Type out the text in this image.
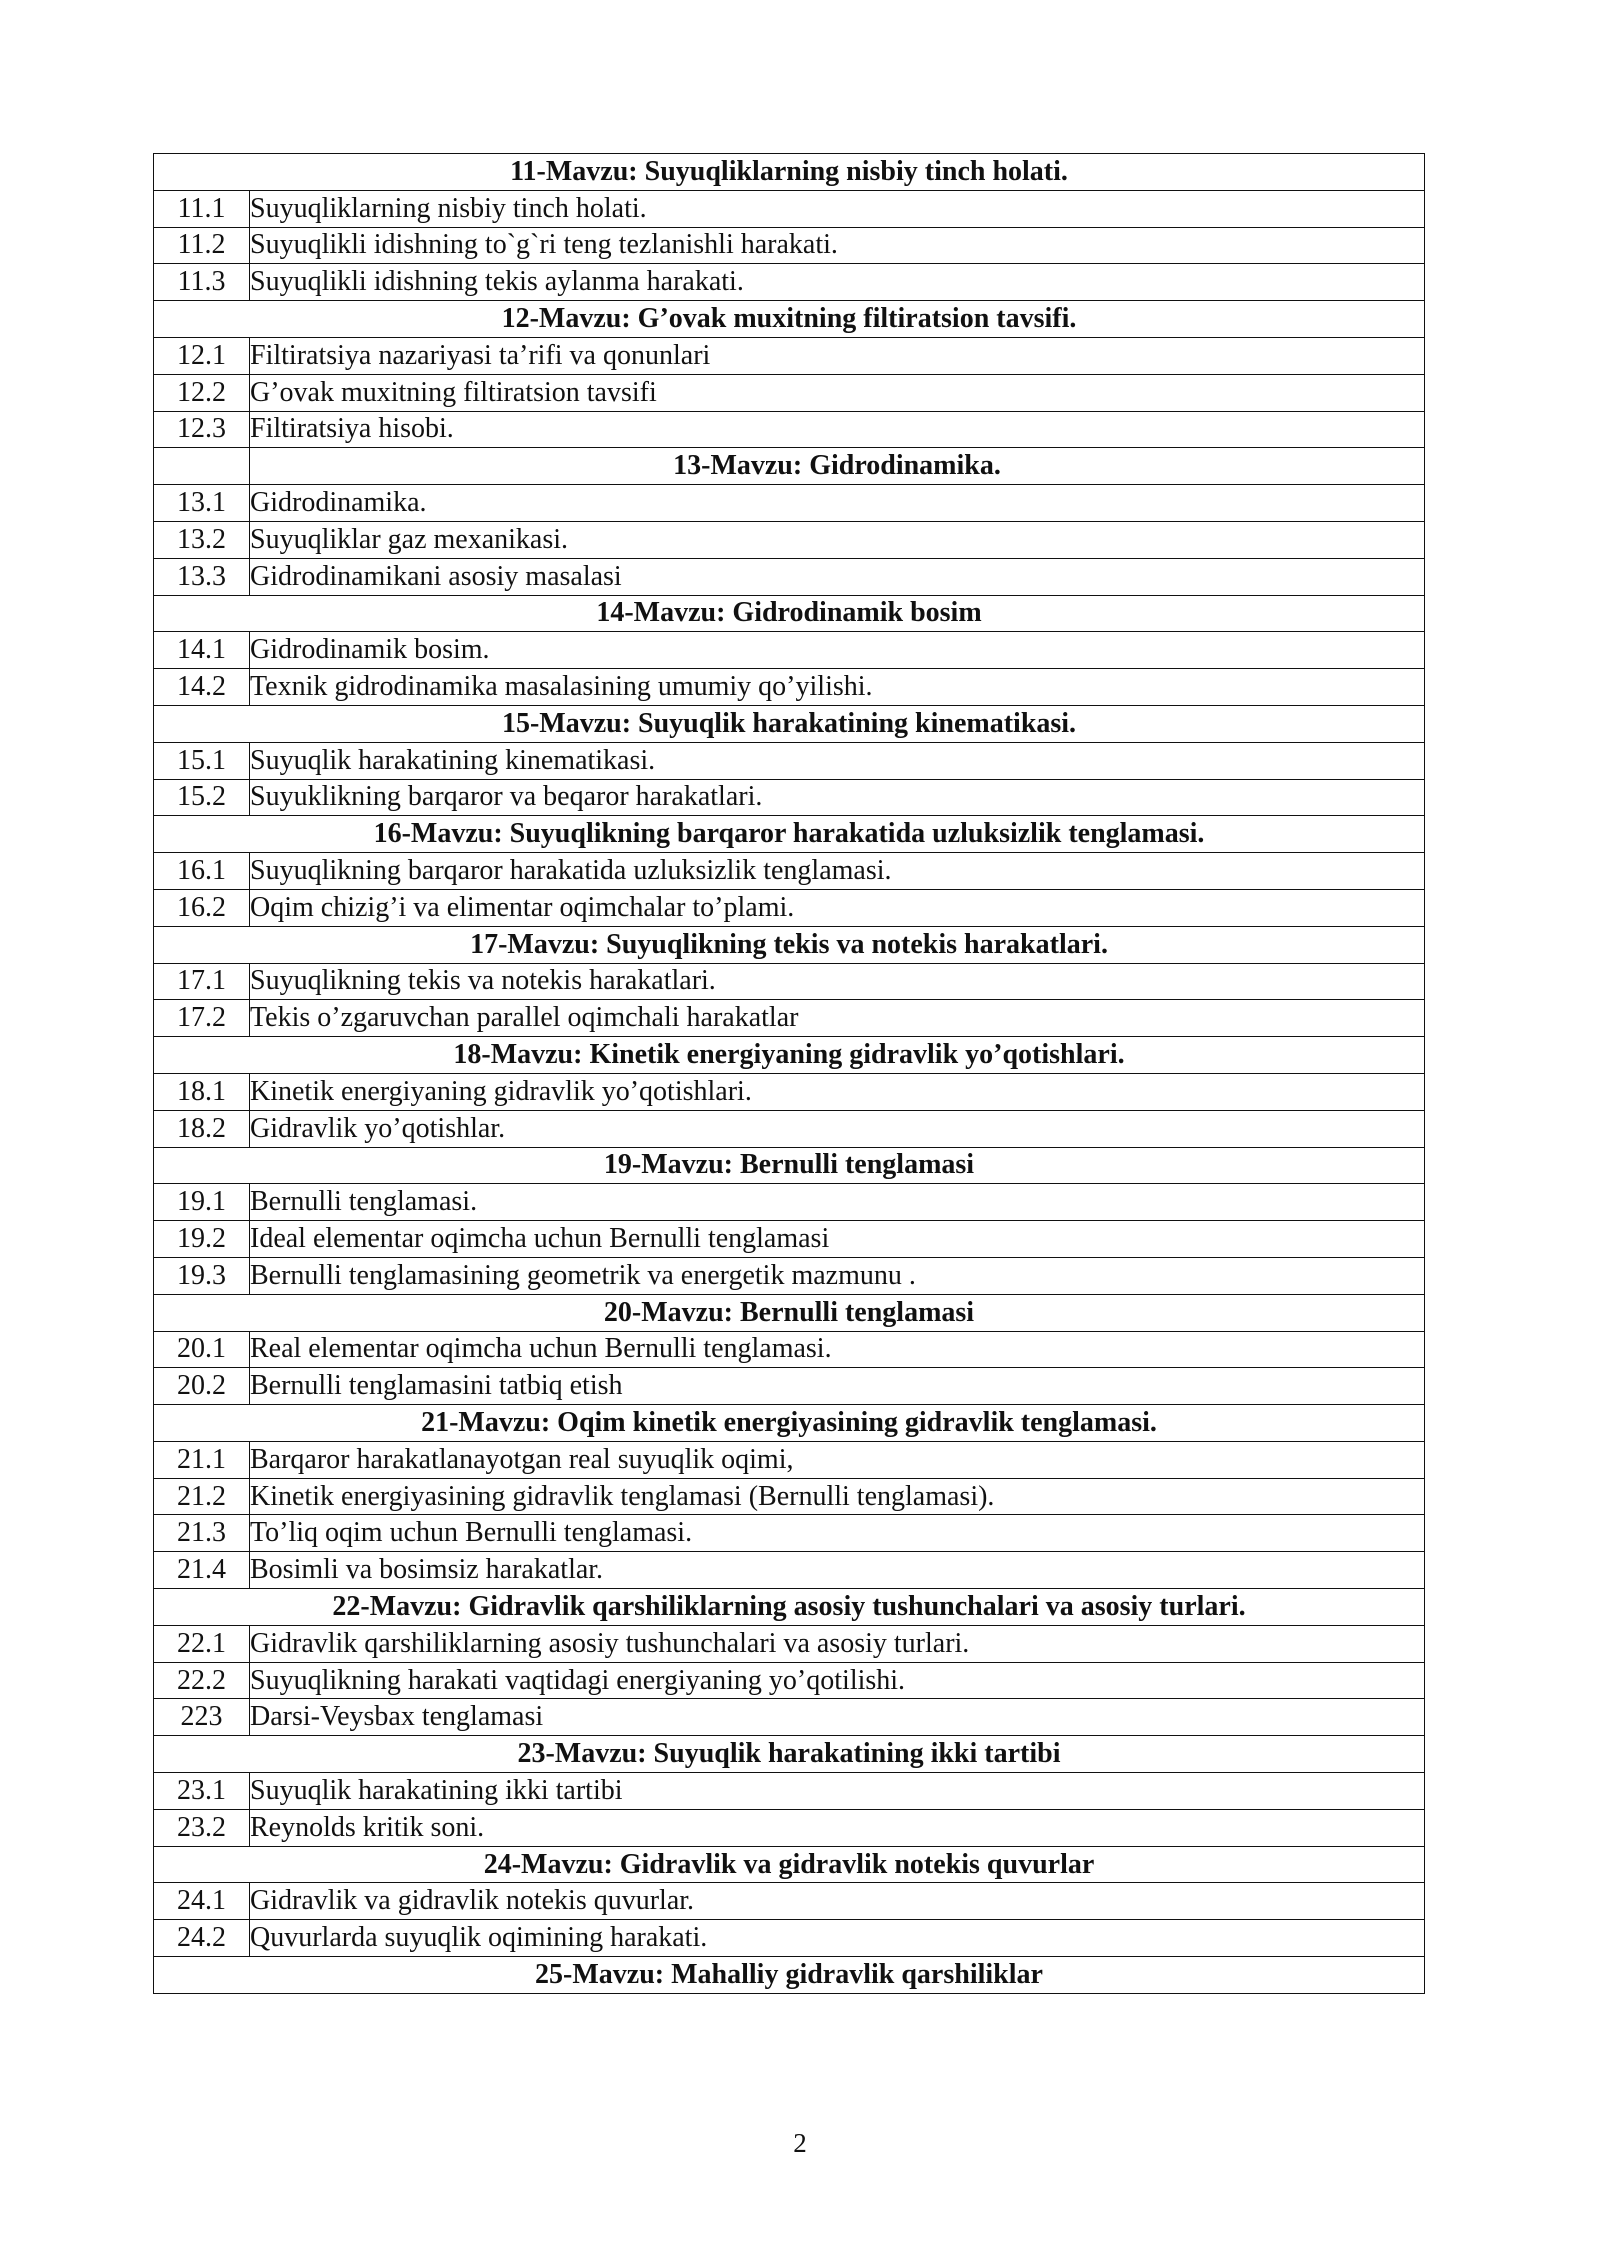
11-Mavzu: Suyuqliklarning nisbiy tinch holati.	
11.1	Suyuqliklarning nisbiy tinch holati.
11.2	Suyuqlikli idishning to`g`ri teng tezlanishli harakati.
11.3	Suyuqlikli idishning tekis aylanma harakati.
12-Mavzu: G’ovak muxitning filtiratsion tavsifi.	
12.1	Filtiratsiya nazariyasi ta’rifi va qonunlari
12.2	G’ovak muxitning filtiratsion tavsifi
12.3	Filtiratsiya hisobi.
	13-Mavzu: Gidrodinamika.
13.1	Gidrodinamika.
13.2	Suyuqliklar gaz mexanikasi.
13.3	Gidrodinamikani asosiy masalasi
14-Mavzu: Gidrodinamik bosim	
14.1	Gidrodinamik bosim.
14.2	Texnik gidrodinamika masalasining umumiy qo’yilishi.
15-Mavzu: Suyuqlik harakatining kinematikasi.	
15.1	Suyuqlik harakatining kinematikasi.
15.2	Suyuklikning barqaror va beqaror harakatlari.
16-Mavzu: Suyuqlikning barqaror harakatida uzluksizlik tenglamasi.	
16.1	Suyuqlikning barqaror harakatida uzluksizlik tenglamasi.
16.2	Oqim chizig’i va elimentar oqimchalar to’plami.
17-Mavzu: Suyuqlikning tekis va notekis harakatlari.	
17.1	Suyuqlikning tekis va notekis harakatlari.
17.2	Tekis o’zgaruvchan parallel oqimchali harakatlar
18-Mavzu: Kinetik energiyaning gidravlik yo’qotishlari.	
18.1	Kinetik energiyaning gidravlik yo’qotishlari.
18.2	Gidravlik yo’qotishlar.
19-Mavzu: Bernulli tenglamasi	
19.1	Bernulli tenglamasi.
19.2	Ideal elementar oqimcha uchun Bernulli tenglamasi
19.3	Bernulli tenglamasining geometrik va energetik mazmunu .
20-Mavzu: Bernulli tenglamasi	
20.1	Real elementar oqimcha uchun Bernulli tenglamasi.
20.2	Bernulli tenglamasini tatbiq etish
21-Mavzu: Oqim kinetik energiyasining gidravlik tenglamasi.	
21.1	Barqaror harakatlanayotgan real suyuqlik oqimi,
21.2	Kinetik energiyasining gidravlik tenglamasi (Bernulli tenglamasi).
21.3	To’liq oqim uchun Bernulli tenglamasi.
21.4	Bosimli va bosimsiz harakatlar.
22-Mavzu: Gidravlik qarshiliklarning asosiy tushunchalari va asosiy turlari.	
22.1	Gidravlik qarshiliklarning asosiy tushunchalari va asosiy turlari.
22.2	Suyuqlikning harakati vaqtidagi energiyaning yo’qotilishi.
223	Darsi-Veysbax tenglamasi
23-Mavzu: Suyuqlik harakatining ikki tartibi	
23.1	Suyuqlik harakatining ikki tartibi
23.2	Reynolds kritik soni.
24-Mavzu: Gidravlik va gidravlik notekis quvurlar	
24.1	Gidravlik va gidravlik notekis quvurlar.
24.2	Quvurlarda suyuqlik oqimining harakati.
25-Mavzu: Mahalliy gidravlik qarshiliklar	
2
